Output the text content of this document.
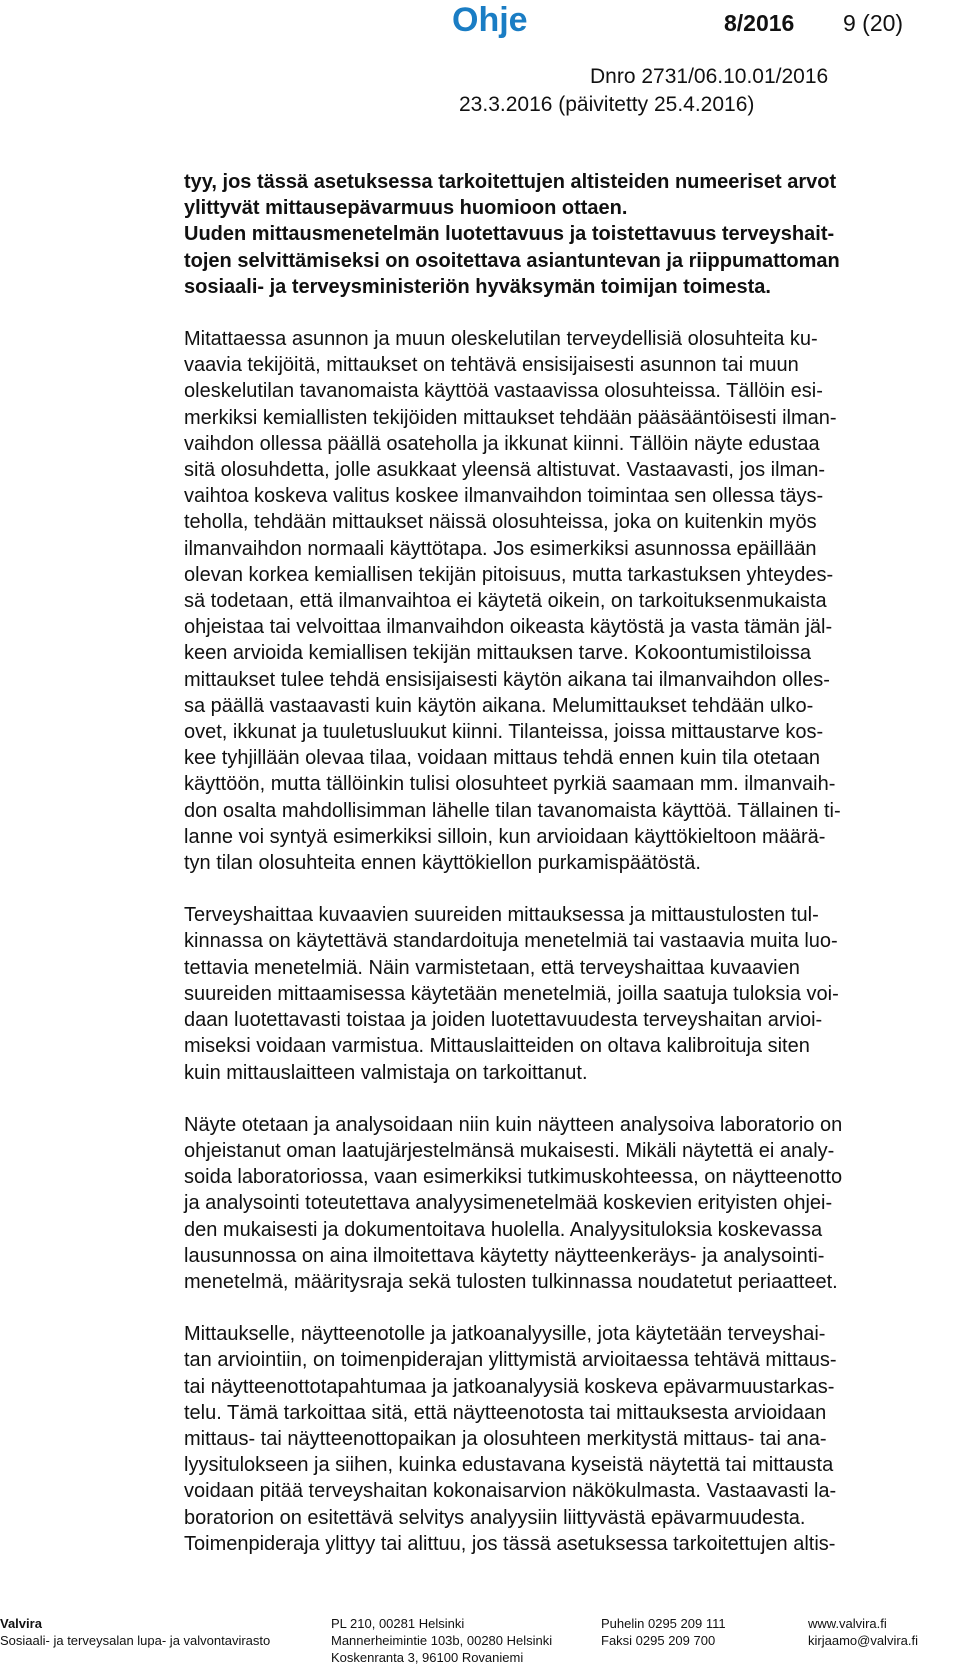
Ohje	8/2016 9 (20)
Dnro 2731/06.10.01/2016
23.3.2016 (päivitetty 25.4.2016)

tyy, jos tässä asetuksessa tarkoitettujen altisteiden numeeriset arvot
ylittyvät mittausepävarmuus huomioon ottaen.
Uuden mittausmenetelmän luotettavuus ja toistettavuus terveyshait-
tojen selvittämiseksi on osoitettava asiantuntevan ja riippumattoman
sosiaali- ja terveysministeriön hyväksymän toimijan toimesta.

Mitattaessa asunnon ja muun oleskelutilan terveydellisiä olosuhteita ku-
vaavia tekijöitä, mittaukset on tehtävä ensisijaisesti asunnon tai muun
oleskelutilan tavanomaista käyttöä vastaavissa olosuhteissa. Tällöin esi-
merkiksi kemiallisten tekijöiden mittaukset tehdään pääsääntöisesti ilman-
vaihdon ollessa päällä osateholla ja ikkunat kiinni. Tällöin näyte edustaa
sitä olosuhdetta, jolle asukkaat yleensä altistuvat. Vastaavasti, jos ilman-
vaihtoa koskeva valitus koskee ilmanvaihdon toimintaa sen ollessa täys-
teholla, tehdään mittaukset näissä olosuhteissa, joka on kuitenkin myös
ilmanvaihdon normaali käyttötapa. Jos esimerkiksi asunnossa epäillään
olevan korkea kemiallisen tekijän pitoisuus, mutta tarkastuksen yhteydes-
sä todetaan, että ilmanvaihtoa ei käytetä oikein, on tarkoituksenmukaista
ohjeistaa tai velvoittaa ilmanvaihdon oikeasta käytöstä ja vasta tämän jäl-
keen arvioida kemiallisen tekijän mittauksen tarve. Kokoontumistiloissa
mittaukset tulee tehdä ensisijaisesti käytön aikana tai ilmanvaihdon olles-
sa päällä vastaavasti kuin käytön aikana. Melumittaukset tehdään ulko-
ovet, ikkunat ja tuuletusluukut kiinni. Tilanteissa, joissa mittaustarve kos-
kee tyhjillään olevaa tilaa, voidaan mittaus tehdä ennen kuin tila otetaan
käyttöön, mutta tällöinkin tulisi olosuhteet pyrkiä saamaan mm. ilmanvaih-
don osalta mahdollisimman lähelle tilan tavanomaista käyttöä. Tällainen ti-
lanne voi syntyä esimerkiksi silloin, kun arvioidaan käyttökieltoon määrä-
tyn tilan olosuhteita ennen käyttökiellon purkamispäätöstä.

Terveyshaittaa kuvaavien suureiden mittauksessa ja mittaustulosten tul-
kinnassa on käytettävä standardoituja menetelmiä tai vastaavia muita luo-
tettavia menetelmiä. Näin varmistetaan, että terveyshaittaa kuvaavien
suureiden mittaamisessa käytetään menetelmiä, joilla saatuja tuloksia voi-
daan luotettavasti toistaa ja joiden luotettavuudesta terveyshaitan arvioi-
miseksi voidaan varmistua. Mittauslaitteiden on oltava kalibroituja siten
kuin mittauslaitteen valmistaja on tarkoittanut.

Näyte otetaan ja analysoidaan niin kuin näytteen analysoiva laboratorio on
ohjeistanut oman laatujärjestelmänsä mukaisesti. Mikäli näytettä ei analy-
soida laboratoriossa, vaan esimerkiksi tutkimuskohteessa, on näytteenotto
ja analysointi toteutettava analyysimenetelmää koskevien erityisten ohjei-
den mukaisesti ja dokumentoitava huolella. Analyysituloksia koskevassa
lausunnossa on aina ilmoitettava käytetty näytteenkeräys- ja analysointi-
menetelmä, määritysraja sekä tulosten tulkinnassa noudatetut periaatteet.

Mittaukselle, näytteenotolle ja jatkoanalyysille, jota käytetään terveyshai-
tan arviointiin, on toimenpiderajan ylittymistä arvioitaessa tehtävä mittaus-
tai näytteenottotapahtumaa ja jatkoanalyysiä koskeva epävarmuustarkas-
telu. Tämä tarkoittaa sitä, että näytteenotosta tai mittauksesta arvioidaan
mittaus- tai näytteenottopaikan ja olosuhteen merkitystä mittaus- tai ana-
lyysitulokseen ja siihen, kuinka edustavana kyseistä näytettä tai mittausta
voidaan pitää terveyshaitan kokonaisarvion näkökulmasta. Vastaavasti la-
boratorion on esitettävä selvitys analyysiin liittyvästä epävarmuudesta.
Toimenpideraja ylittyy tai alittuu, jos tässä asetuksessa tarkoitettujen altis-

Valvira
Sosiaali- ja terveysalan lupa- ja valvontavirasto
PL 210, 00281 Helsinki
Mannerheimintie 103b, 00280 Helsinki
Koskenranta 3, 96100 Rovaniemi
Puhelin 0295 209 111
Faksi 0295 209 700
www.valvira.fi
kirjaamo@valvira.fi
